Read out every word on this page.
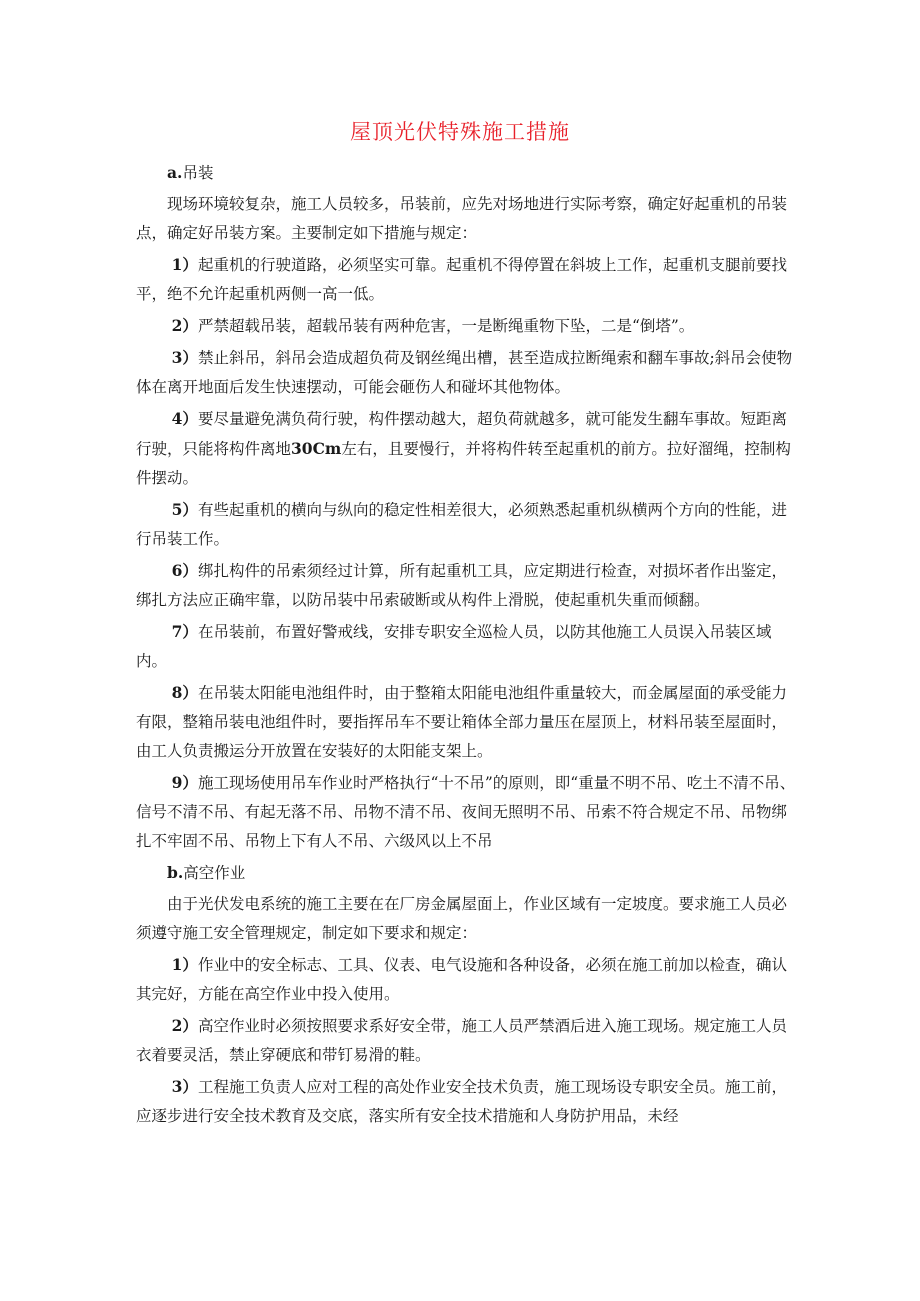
屋顶光伏特殊施工措施

a.吊装

现场环境较复杂，施工人员较多，吊装前，应先对场地进行实际考察，确定好起重机的吊装点，确定好吊装方案。主要制定如下措施与规定：

1）起重机的行驶道路，必须坚实可靠。起重机不得停置在斜坡上工作，起重机支腿前要找平，绝不允许起重机两侧一高一低。

2）严禁超载吊装，超载吊装有两种危害，一是断绳重物下坠，二是“倒塔”。

3）禁止斜吊，斜吊会造成超负荷及钢丝绳出槽，甚至造成拉断绳索和翻车事故;斜吊会使物体在离开地面后发生快速摆动，可能会砸伤人和碰坏其他物体。

4）要尽量避免满负荷行驶，构件摆动越大，超负荷就越多，就可能发生翻车事故。短距离行驶，只能将构件离地30Cm左右，且要慢行，并将构件转至起重机的前方。拉好溜绳，控制构件摆动。

5）有些起重机的横向与纵向的稳定性相差很大，必须熟悉起重机纵横两个方向的性能，进行吊装工作。

6）绑扎构件的吊索须经过计算，所有起重机工具，应定期进行检查，对损坏者作出鉴定，绑扎方法应正确牢靠，以防吊装中吊索破断或从构件上滑脱，使起重机失重而倾翻。

7）在吊装前，布置好警戒线，安排专职安全巡检人员，以防其他施工人员误入吊装区域内。

8）在吊装太阳能电池组件时，由于整箱太阳能电池组件重量较大，而金属屋面的承受能力有限，整箱吊装电池组件时，要指挥吊车不要让箱体全部力量压在屋顶上，材料吊装至屋面时，由工人负责搬运分开放置在安装好的太阳能支架上。

9）施工现场使用吊车作业时严格执行“十不吊”的原则，即“重量不明不吊、吃土不清不吊、信号不清不吊、有起无落不吊、吊物不清不吊、夜间无照明不吊、吊索不符合规定不吊、吊物绑扎不牢固不吊、吊物上下有人不吊、六级风以上不吊

b.高空作业

由于光伏发电系统的施工主要在在厂房金属屋面上，作业区域有一定坡度。要求施工人员必须遵守施工安全管理规定，制定如下要求和规定：

1）作业中的安全标志、工具、仪表、电气设施和各种设备，必须在施工前加以检查，确认其完好，方能在高空作业中投入使用。

2）高空作业时必须按照要求系好安全带，施工人员严禁酒后进入施工现场。规定施工人员衣着要灵活，禁止穿硬底和带钉易滑的鞋。

3）工程施工负责人应对工程的高处作业安全技术负责，施工现场设专职安全员。施工前，应逐步进行安全技术教育及交底，落实所有安全技术措施和人身防护用品，未经
